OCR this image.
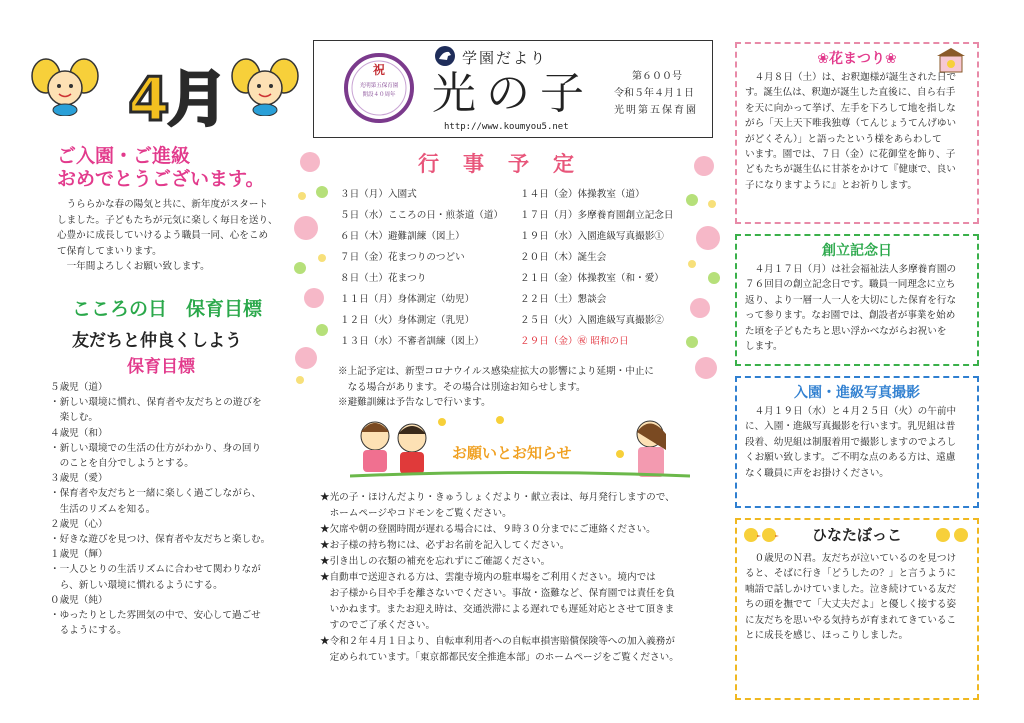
4月
ご入園・ご進級
おめでとうございます。
　うららかな春の陽気と共に、新年度がスタート
しました。子どもたちが元気に楽しく毎日を送り、
心豊かに成長していけるよう職員一同、心をこめ
て保育してまいります。
　一年間よろしくお願い致します。
こころの日　保育目標
友だちと仲良くしよう
保育目標
５歳児（道）
・新しい環境に慣れ、保育者や友だちとの遊びを
　楽しむ。
４歳児（和）
・新しい環境での生活の仕方がわかり、身の回り
　のことを自分でしようとする。
３歳児（愛）
・保育者や友だちと一緒に楽しく過ごしながら、
　生活のリズムを知る。
２歳児（心）
・好きな遊びを見つけ、保育者や友だちと楽しむ。
１歳児（輝）
・一人ひとりの生活リズムに合わせて関わりなが
　ら、新しい環境に慣れるようにする。
０歳児（純）
・ゆったりとした雰囲気の中で、安心して過ごせ
　るようにする。
祝
光明第五保育園
開設４０周年
学園だより
光の子
http://www.koumyou5.net
第６００号
令和５年４月１日
光明第五保育園
行事予定
３日（月）入園式
５日（水）こころの日・煎茶道（道）
６日（木）避難訓練（図上）
７日（金）花まつりのつどい
８日（土）花まつり
１１日（月）身体測定（幼児）
１２日（火）身体測定（乳児）
１３日（水）不審者訓練（図上）
１４日（金）体操教室（道）
１７日（月）多摩養育園創立記念日
１９日（水）入園進級写真撮影①
２０日（木）誕生会
２１日（金）体操教室（和・愛）
２２日（土）懇談会
２５日（火）入園進級写真撮影②
２９日（金）㊗ 昭和の日
※上記予定は、新型コロナウイルス感染症拡大の影響により延期・中止に
　なる場合があります。その場合は別途お知らせします。
※避難訓練は予告なしで行います。
お願いとお知らせ
★光の子・ほけんだより・きゅうしょくだより・献立表は、毎月発行しますので、
　ホームページやコドモンをご覧ください。
★欠席や朝の登園時間が遅れる場合には、９時３０分までにご連絡ください。
★お子様の持ち物には、必ずお名前を記入してください。
★引き出しの衣類の補充を忘れずにご確認ください。
★自動車で送迎される方は、雲龍寺境内の駐車場をご利用ください。境内では
　お子様から目や手を離さないでください。事故・盗難など、保育園では責任を負
　いかねます。またお迎え時は、交通渋滞による遅れでも遅延対応とさせて頂きま
　すのでご了承ください。
★令和２年４月１日より、自転車利用者への自転車損害賠償保険等への加入義務が
　定められています。「東京都都民安全推進本部」のホームページをご覧ください。
❀花まつり❀
　４月８日（土）は、お釈迦様が誕生された日で
す。誕生仏は、釈迦が誕生した直後に、自ら右手
を天に向かって挙げ、左手を下ろして地を指しな
がら「天上天下唯我独尊（てんじょうてんげゆい
がどくそん）」と語ったという様をあらわして
います。園では、７日（金）に花御堂を飾り、子
どもたちが誕生仏に甘茶をかけて『健康で、良い
子になりますように』とお祈りします。
創立記念日
　４月１７日（月）は社会福祉法人多摩養育園の
７６回目の創立記念日です。職員一同理念に立ち
返り、より一層一人一人を大切にした保育を行な
って参ります。なお園では、創設者が事業を始め
た頃を子どもたちと思い浮かべながらお祝いを
します。
入園・進級写真撮影
　４月１９日（水）と４月２５日（火）の午前中
に、入園・進級写真撮影を行います。乳児組は普
段着、幼児組は制服着用で撮影しますのでよろし
くお願い致します。ご不明な点のある方は、遠慮
なく職員に声をお掛けください。
ひなたぼっこ
　０歳児のＮ君。友だちが泣いているのを見つけ
ると、そばに行き「どうしたの？」と言うように
喃語で話しかけていました。泣き続けている友だ
ちの頭を撫でて「大丈夫だよ」と優しく接する姿
に友だちを思いやる気持ちが育まれてきているこ
とに成長を感じ、ほっこりしました。
